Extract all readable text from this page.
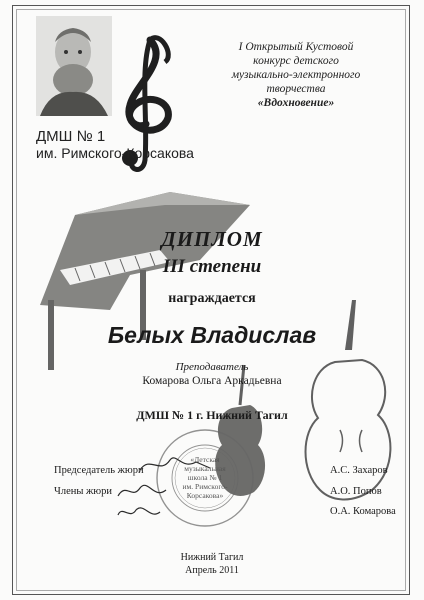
I Открытый Кустовой
конкурс детского
музыкально-электронного
творчества
«Вдохновение»
ДМШ № 1
им. Римского-Корсакова
ДИПЛОМ
III степени
награждается
Белых Владислав
Преподаватель
Комарова Ольга Аркадьевна
ДМШ № 1 г. Нижний Тагил
«Детская
музыкальная
школа № 1
им. Римского-
Корсакова»
Председатель жюри
Члены жюри
А.С. Захаров
А.О. Попов
О.А. Комарова
Нижний Тагил
Апрель 2011
